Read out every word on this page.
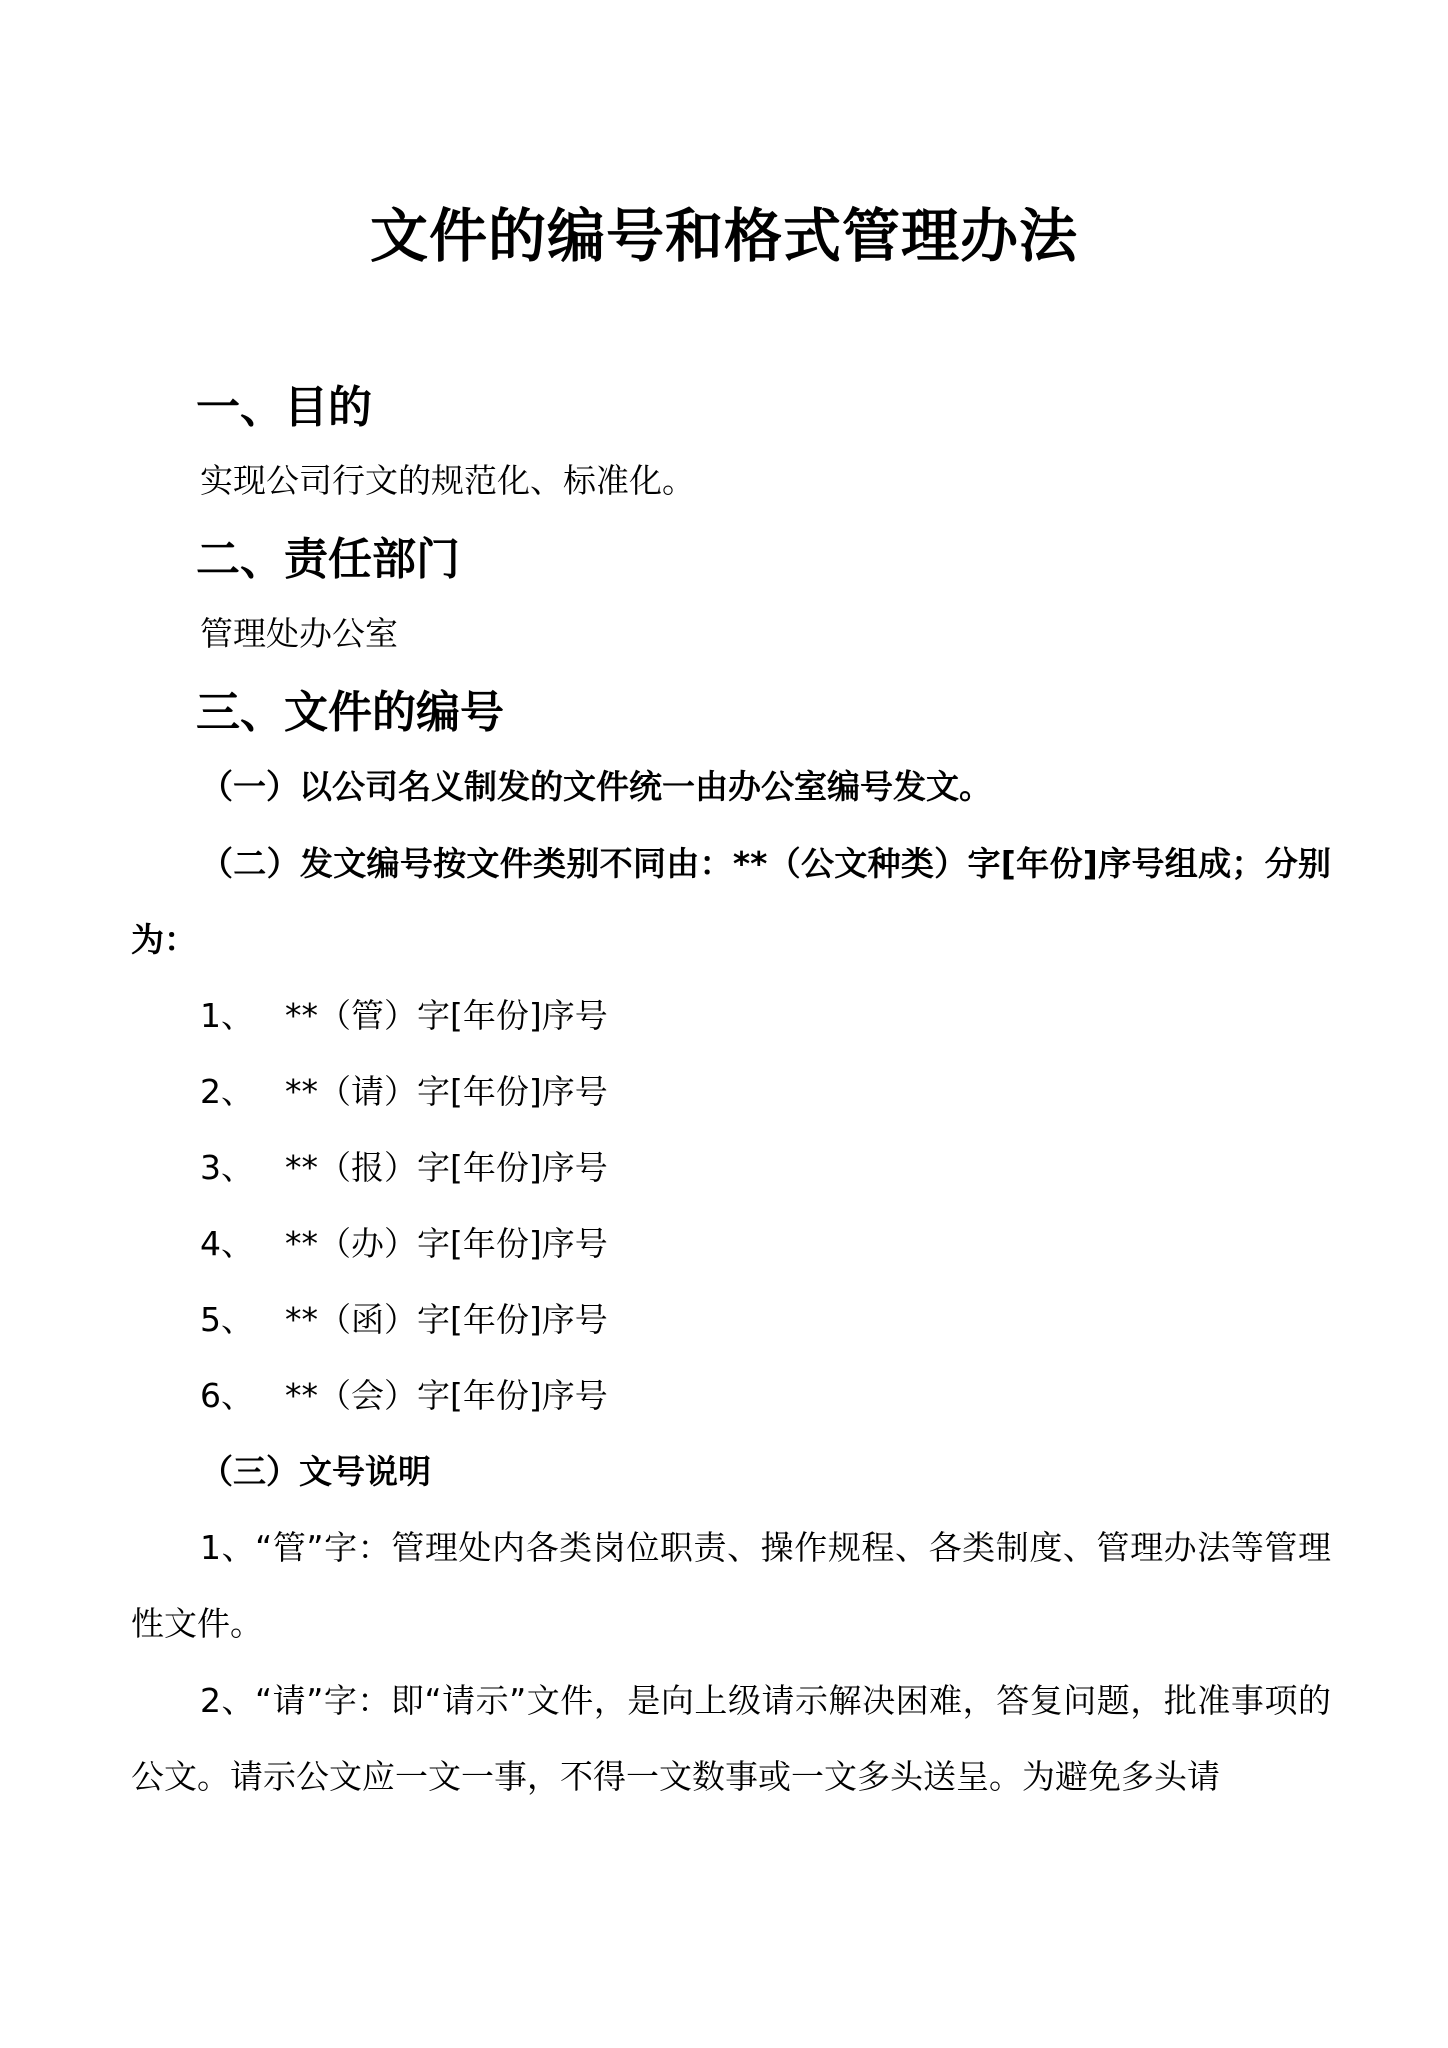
文件的编号和格式管理办法
一、目的
实现公司行文的规范化、标准化。
二、责任部门
管理处办公室
三、文件的编号
（一）以公司名义制发的文件统一由办公室编号发文。
（二）发文编号按文件类别不同由：**（公文种类）字[年份]序号组成；分别为：
1、 **（管）字[年份]序号
2、 **（请）字[年份]序号
3、 **（报）字[年份]序号
4、 **（办）字[年份]序号
5、 **（函）字[年份]序号
6、 **（会）字[年份]序号
（三）文号说明
1、“管”字：管理处内各类岗位职责、操作规程、各类制度、管理办法等管理性文件。
2、“请”字：即“请示”文件，是向上级请示解决困难，答复问题，批准事项的公文。请示公文应一文一事，不得一文数事或一文多头送呈。为避免多头请
